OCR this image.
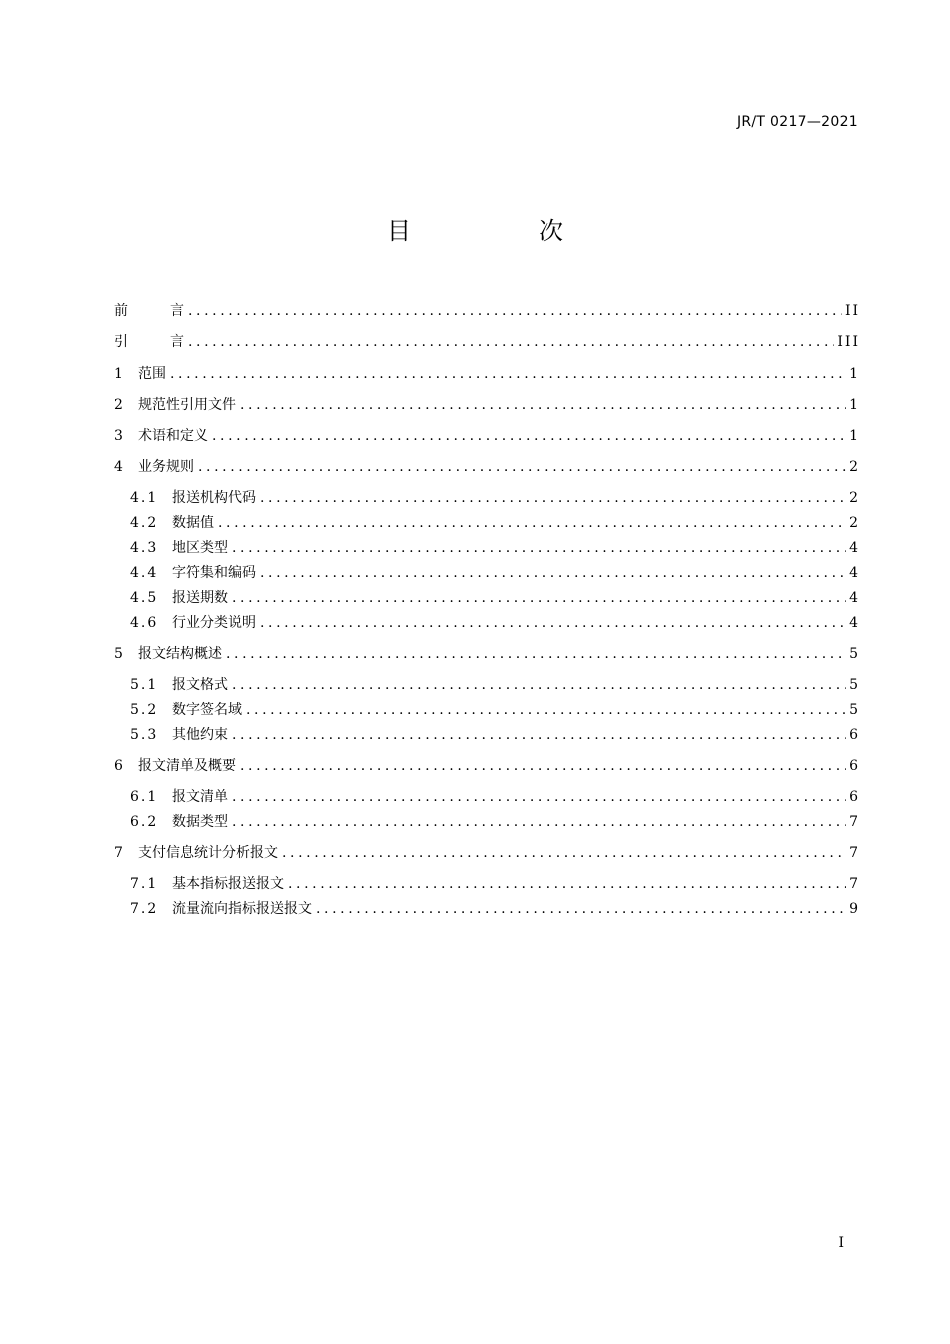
JR/T 0217—2021
目　次
前	言 .....	II
引	言 .....	III
1	范围 .....	1
2	规范性引用文件 .....	1
3	术语和定义 .....	1
4	业务规则 .....	2
4.1 报送机构代码 .....	2
4.2 数据值 .....	2
4.3 地区类型 .....	4
4.4 字符集和编码 .....	4
4.5 报送期数 .....	4
4.6 行业分类说明 .....	4
5	报文结构概述 .....	5
5.1 报文格式 .....	5
5.2 数字签名域 .....	5
5.3 其他约束 .....	6
6	报文清单及概要 .....	6
6.1 报文清单 .....	6
6.2 数据类型 .....	7
7	支付信息统计分析报文 .....	7
7.1 基本指标报送报文 .....	7
7.2 流量流向指标报送报文 .....	9
I
